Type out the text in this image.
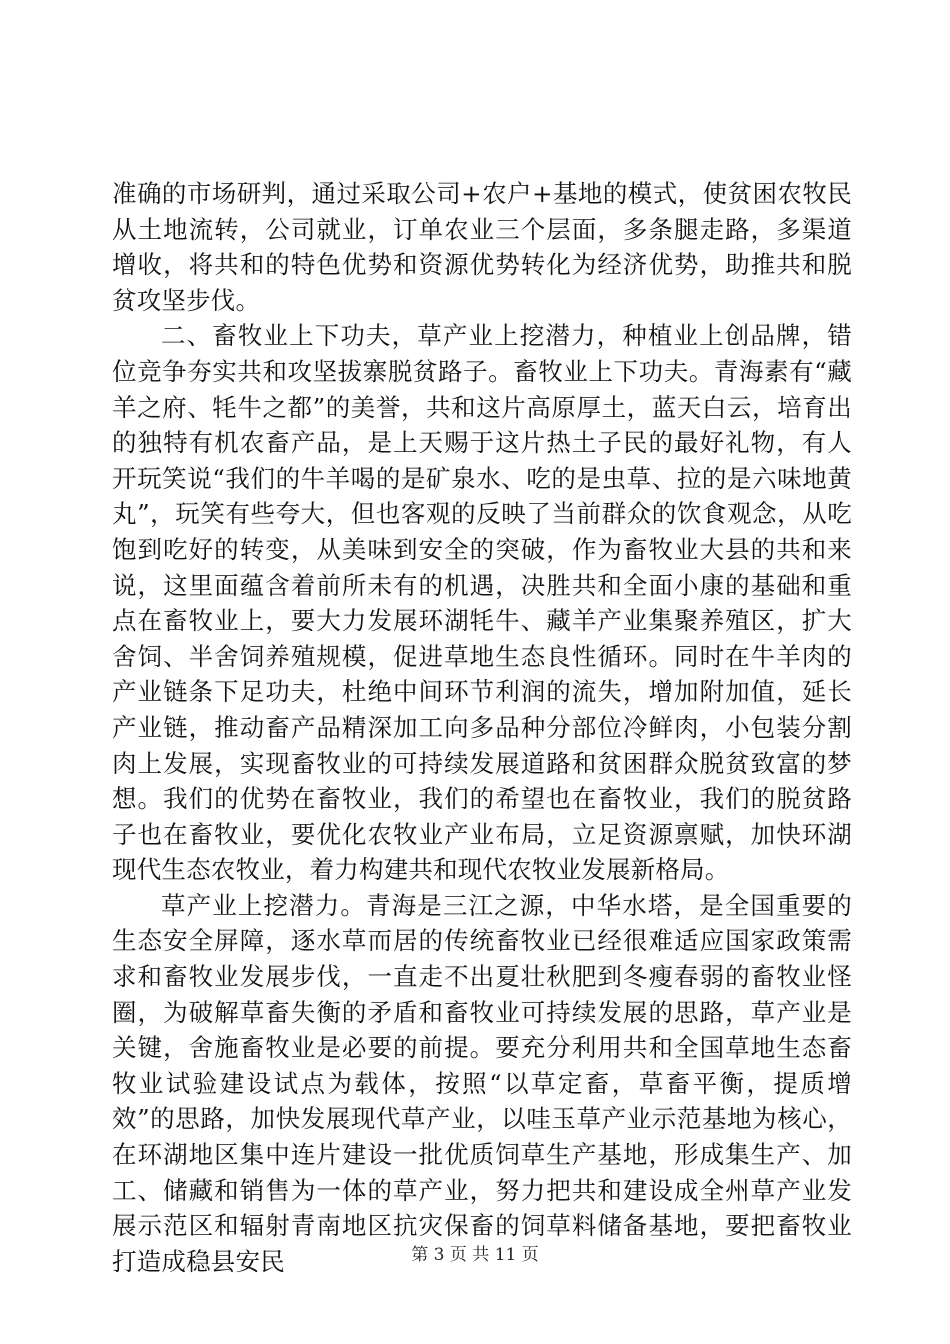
准确的市场研判，通过采取公司+农户+基地的模式，使贫困农牧民从土地流转，公司就业，订单农业三个层面，多条腿走路，多渠道增收，将共和的特色优势和资源优势转化为经济优势，助推共和脱贫攻坚步伐。

二、畜牧业上下功夫，草产业上挖潜力，种植业上创品牌，错位竞争夯实共和攻坚拔寨脱贫路子。畜牧业上下功夫。青海素有“藏羊之府、牦牛之都”的美誉，共和这片高原厚土，蓝天白云，培育出的独特有机农畜产品，是上天赐于这片热土子民的最好礼物，有人开玩笑说“我们的牛羊喝的是矿泉水、吃的是虫草、拉的是六味地黄丸”，玩笑有些夸大，但也客观的反映了当前群众的饮食观念，从吃饱到吃好的转变，从美味到安全的突破，作为畜牧业大县的共和来说，这里面蕴含着前所未有的机遇，决胜共和全面小康的基础和重点在畜牧业上，要大力发展环湖牦牛、藏羊产业集聚养殖区，扩大舍饲、半舍饲养殖规模，促进草地生态良性循环。同时在牛羊肉的产业链条下足功夫，杜绝中间环节利润的流失，增加附加值，延长产业链，推动畜产品精深加工向多品种分部位冷鲜肉，小包装分割肉上发展，实现畜牧业的可持续发展道路和贫困群众脱贫致富的梦想。我们的优势在畜牧业，我们的希望也在畜牧业，我们的脱贫路子也在畜牧业，要优化农牧业产业布局，立足资源禀赋，加快环湖现代生态农牧业，着力构建共和现代农牧业发展新格局。

草产业上挖潜力。青海是三江之源，中华水塔，是全国重要的生态安全屏障，逐水草而居的传统畜牧业已经很难适应国家政策需求和畜牧业发展步伐，一直走不出夏壮秋肥到冬瘦春弱的畜牧业怪圈，为破解草畜失衡的矛盾和畜牧业可持续发展的思路，草产业是关键，舍施畜牧业是必要的前提。要充分利用共和全国草地生态畜牧业试验建设试点为载体，按照“以草定畜，草畜平衡，提质增效”的思路，加快发展现代草产业，以哇玉草产业示范基地为核心，在环湖地区集中连片建设一批优质饲草生产基地，形成集生产、加工、储藏和销售为一体的草产业，努力把共和建设成全州草产业发展示范区和辐射青南地区抗灾保畜的饲草料储备基地，要把畜牧业打造成稳县安民	第 3 页 共 11 页
